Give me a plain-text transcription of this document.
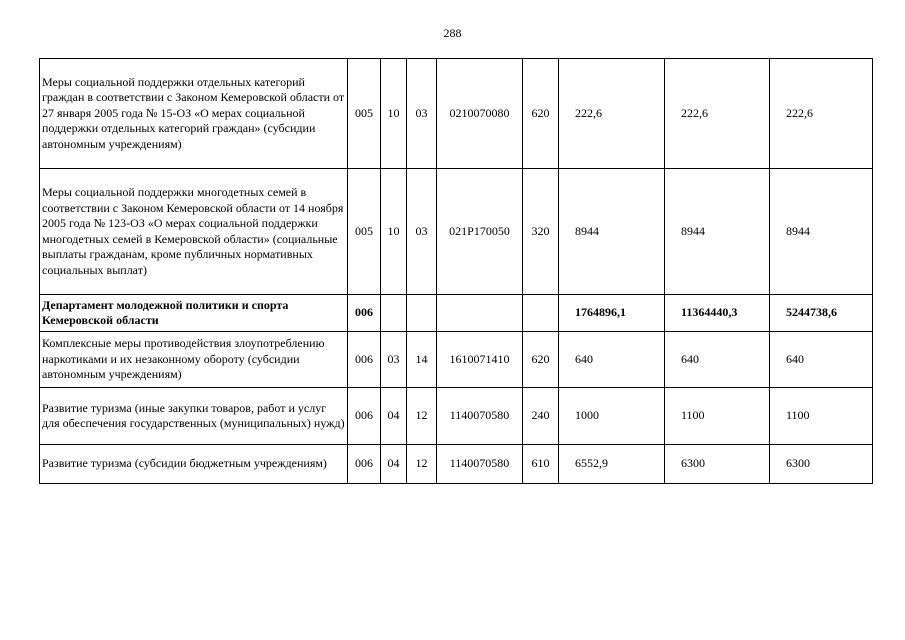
288
Меры социальной поддержки отдельных категорий граждан в соответствии с Законом Кемеровской области от 27 января 2005 года № 15-ОЗ «О мерах социальной поддержки отдельных категорий граждан» (субсидии автономным учреждениям)	005	10	03	0210070080	620	222,6	222,6	222,6
Меры социальной поддержки многодетных семей в соответствии с Законом Кемеровской области от 14 ноября 2005 года № 123-ОЗ «О мерах социальной поддержки многодетных семей в Кемеровской области» (социальные выплаты гражданам, кроме публичных нормативных социальных выплат)	005	10	03	021Р170050	320	8944	8944	8944
Департамент молодежной политики и спорта Кемеровской области	006					1764896,1	11364440,3	5244738,6
Комплексные меры противодействия злоупотреблению наркотиками и их незаконному обороту (субсидии автономным учреждениям)	006	03	14	1610071410	620	640	640	640
Развитие туризма (иные закупки товаров, работ и услуг для обеспечения государственных (муниципальных) нужд)	006	04	12	1140070580	240	1000	1100	1100
Развитие туризма (субсидии бюджетным учреждениям)	006	04	12	1140070580	610	6552,9	6300	6300
